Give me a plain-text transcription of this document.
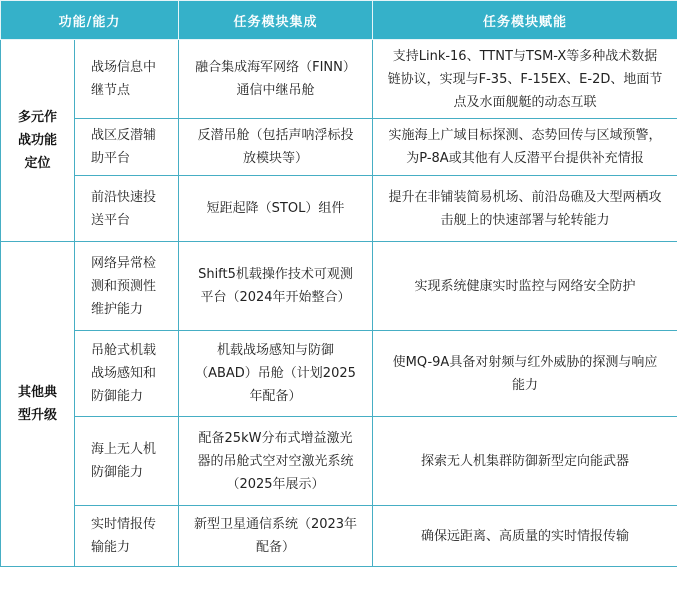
功能/能力		任务模块集成	任务模块赋能
多元作战功能定位	战场信息中继节点	融合集成海军网络（FINN）通信中继吊舱	支持Link-16、TTNT与TSM-X等多种战术数据链协议，实现与F-35、F-15EX、E-2D、地面节点及水面舰艇的动态互联
	战区反潜辅助平台	反潜吊舱（包括声呐浮标投放模块等）	实施海上广域目标探测、态势回传与区域预警，为P-8A或其他有人反潜平台提供补充情报
	前沿快速投送平台	短距起降（STOL）组件	提升在非铺装简易机场、前沿岛礁及大型两栖攻击舰上的快速部署与轮转能力
其他典型升级	网络异常检测和预测性维护能力	Shift5机载操作技术可观测平台（2024年开始整合）	实现系统健康实时监控与网络安全防护
	吊舱式机载战场感知和防御能力	机载战场感知与防御（ABAD）吊舱（计划2025年配备）	使MQ-9A具备对射频与红外威胁的探测与响应能力
	海上无人机防御能力	配备25kW分布式增益激光器的吊舱式空对空激光系统（2025年展示）	探索无人机集群防御新型定向能武器
	实时情报传输能力	新型卫星通信系统（2023年配备）	确保远距离、高质量的实时情报传输
